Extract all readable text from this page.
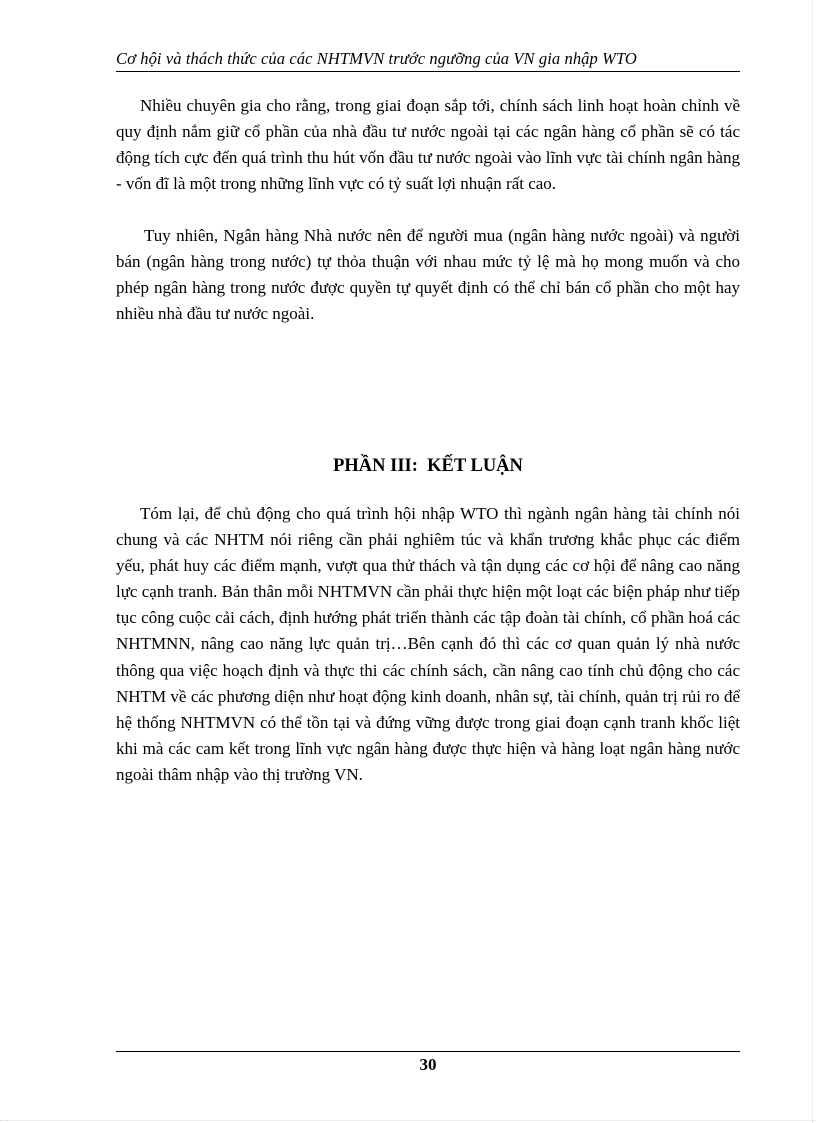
Cơ hội và thách thức của các NHTMVN trước ngưỡng của VN gia nhập WTO

Nhiều chuyên gia cho rằng, trong giai đoạn sắp tới, chính sách linh hoạt hoàn chỉnh về quy định nắm giữ cổ phần của nhà đầu tư nước ngoài tại các ngân hàng cổ phần sẽ có tác động tích cực đến quá trình thu hút vốn đầu tư nước ngoài vào lĩnh vực tài chính ngân hàng - vốn đĩ là một trong những lĩnh vực có tỷ suất lợi nhuận rất cao.

Tuy nhiên, Ngân hàng Nhà nước nên để người mua (ngân hàng nước ngoài) và người bán (ngân hàng trong nước) tự thỏa thuận với nhau mức tỷ lệ mà họ mong muốn và cho phép ngân hàng trong nước được quyền tự quyết định có thể chỉ bán cổ phần cho một hay nhiều nhà đầu tư nước ngoài.

PHẦN III:  KẾT LUẬN

Tóm lại, để chủ động cho quá trình hội nhập WTO thì ngành ngân hàng tài chính nói chung và các NHTM nói riêng cần phải nghiêm túc và khẩn trương khắc phục các điểm yếu, phát huy các điểm mạnh, vượt qua thử thách và tận dụng các cơ hội để nâng cao năng lực cạnh tranh. Bản thân mỗi NHTMVN cần phải thực hiện một loạt các biện pháp như tiếp tục công cuộc cải cách, định hướng phát triển thành các tập đoàn tài chính, cổ phần hoá các NHTMNN, nâng cao năng lực quản trị…Bên cạnh đó thì các cơ quan quản lý nhà nước thông qua việc hoạch định và thực thi các chính sách, cần nâng cao tính chủ động cho các NHTM về các phương diện như hoạt động kinh doanh, nhân sự, tài chính, quản trị rủi ro để hệ thống NHTMVN có thể tồn tại và đứng vững được trong giai đoạn cạnh tranh khốc liệt khi mà các cam kết trong lĩnh vực ngân hàng được thực hiện và hàng loạt ngân hàng nước ngoài thâm nhập vào thị trường VN.

30
